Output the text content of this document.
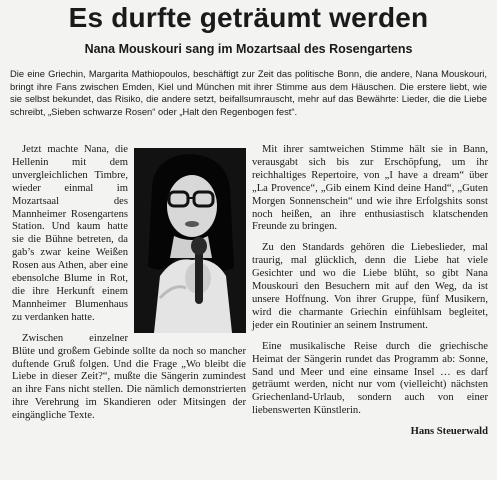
Es durfte geträumt werden
Nana Mouskouri sang im Mozartsaal des Rosengartens
Die eine Griechin, Margarita Mathiopoulos, beschäftigt zur Zeit das politische Bonn, die andere, Nana Mouskouri, bringt ihre Fans zwischen Emden, Kiel und München mit ihrer Stimme aus dem Häuschen. Die erstere liebt, wie sie selbst bekundet, das Risiko, die andere setzt, beifallsumrauscht, mehr auf das Bewährte: Lieder, die die Liebe schreibt, „Sieben schwarze Rosen“ oder „Halt den Regenbogen fest“.

Jetzt machte Nana, die Hellenin mit dem unvergleichlichen Timbre, wieder einmal im Mozartsaal des Mannheimer Rosengartens Station. Und kaum hatte sie die Bühne betreten, da gab’s zwar keine Weißen Rosen aus Athen, aber eine ebensolche Blume in Rot, die ihre Herkunft einem Mannheimer Blumenhaus zu verdanken hatte.

Zwischen einzelner Blüte und großem Gebinde sollte da noch so mancher duftende Gruß folgen. Und die Frage „Wo bleibt die Liebe in dieser Zeit?“, mußte die Sängerin zumindest an ihre Fans nicht stellen. Die nämlich demonstrierten ihre Verehrung im Skandieren oder Mitsingen der eingängliche Texte.

Mit ihrer samtweichen Stimme hält sie in Bann, verausgabt sich bis zur Erschöpfung, um ihr reichhaltiges Repertoire, von „I have a dream“ über „La Provence“, „Gib einem Kind deine Hand“, „Guten Morgen Sonnenschein“ und wie ihre Erfolgshits sonst noch heißen, an ihre enthusiastisch klatschenden Freunde zu bringen.

Zu den Standards gehören die Liebeslieder, mal traurig, mal glücklich, denn die Liebe hat viele Gesichter und wo die Liebe blüht, so gibt Nana Mouskouri den Besuchern mit auf den Weg, da ist unsere Hoffnung. Von ihrer Gruppe, fünf Musikern, wird die charmante Griechin einfühlsam begleitet, jeder ein Routinier an seinem Instrument.

Eine musikalische Reise durch die griechische Heimat der Sängerin rundet das Programm ab: Sonne, Sand und Meer und eine einsame Insel … es darf geträumt werden, nicht nur vom (vielleicht) nächsten Griechenland-Urlaub, sondern auch von einer liebenswerten Künstlerin.

Hans Steuerwald
